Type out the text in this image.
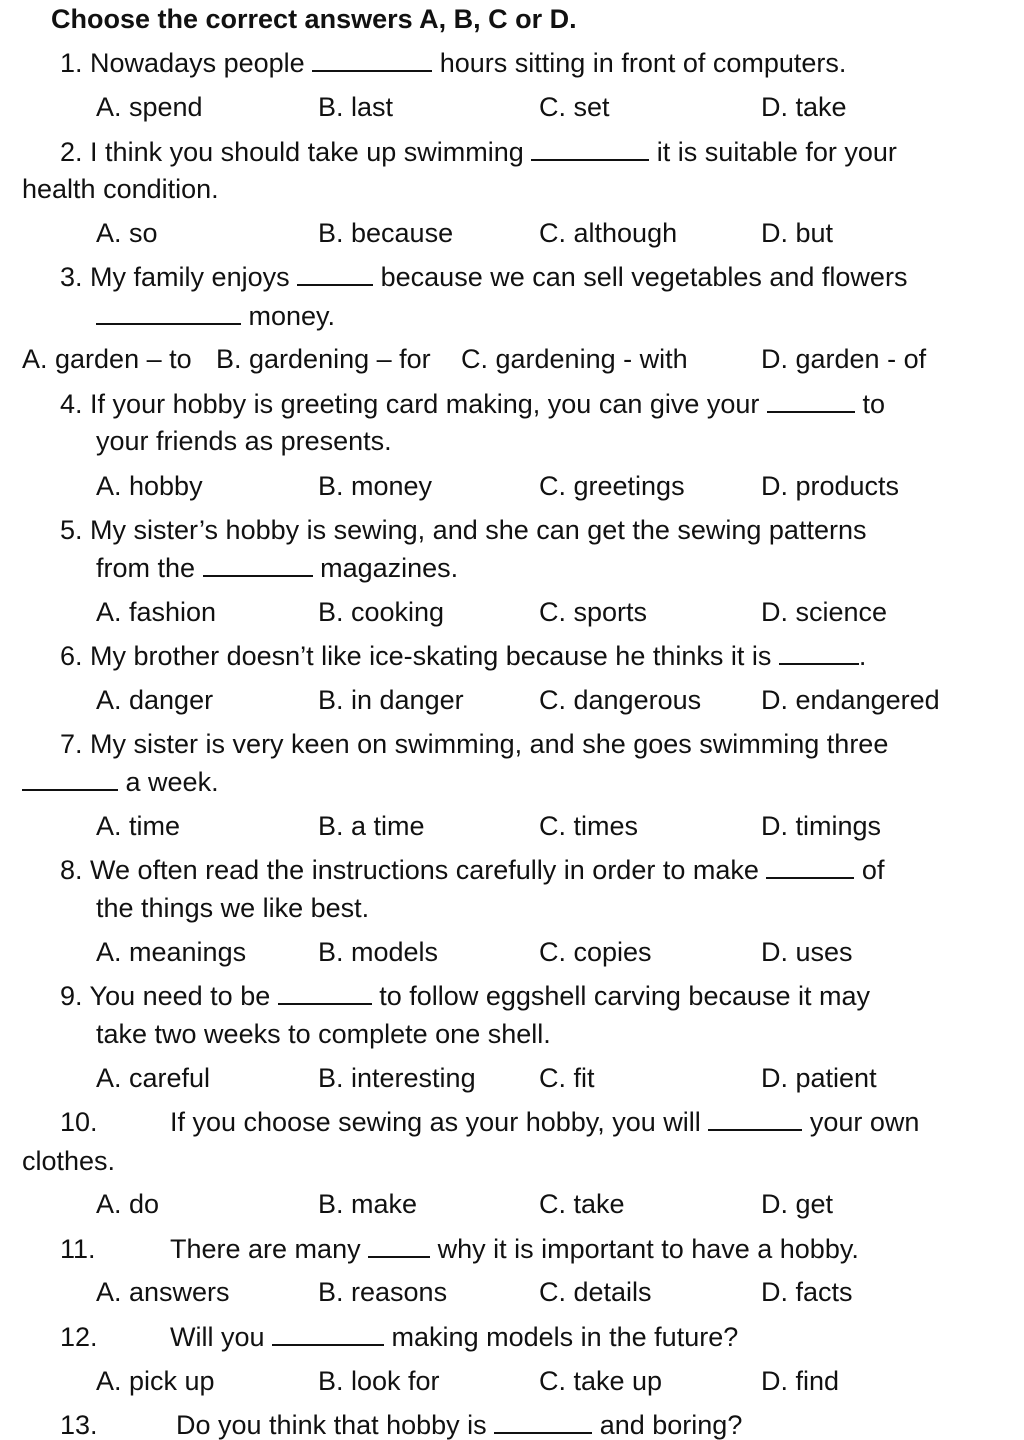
Choose the correct answers A, B, C or D.
1. Nowadays people	hours sitting in front of computers.
A. spend	B. last	C. set	D. take
2. I think you should take up swimming	it is suitable for your
health condition.
A. so	B. because	C. although	D. but
3. My family enjoys	because we can sell vegetables and flowers
money.
A. garden – to B. gardening – for C. gardening - with	D. garden - of
4. If your hobby is greeting card making, you can give your	to
your friends as presents.
A. hobby	B. money	C. greetings	D. products
5. My sister’s hobby is sewing, and she can get the sewing patterns
from the	magazines.
A. fashion	B. cooking	C. sports	D. science
6. My brother doesn’t like ice-skating because he thinks it is	.
A. danger	B. in danger	C. dangerous D. endangered
7. My sister is very keen on swimming, and she goes swimming three
a week.
A. time	B. a time	C. times	D. timings
8. We often read the instructions carefully in order to make	of
the things we like best.
A. meanings	B. models	C. copies	D. uses
9. You need to be	to follow eggshell carving because it may
take two weeks to complete one shell.
A. careful	B. interesting C. fit	D. patient
10.	If you choose sewing as your hobby, you will	your own
clothes.
A. do	B. make	C. take	D. get
11.	There are many	why it is important to have a hobby.
A. answers	B. reasons	C. details	D. facts
12.	Will you	making models in the future?
A. pick up	B. look for	C. take up	D. find
13.	Do you think that hobby is	and boring?
